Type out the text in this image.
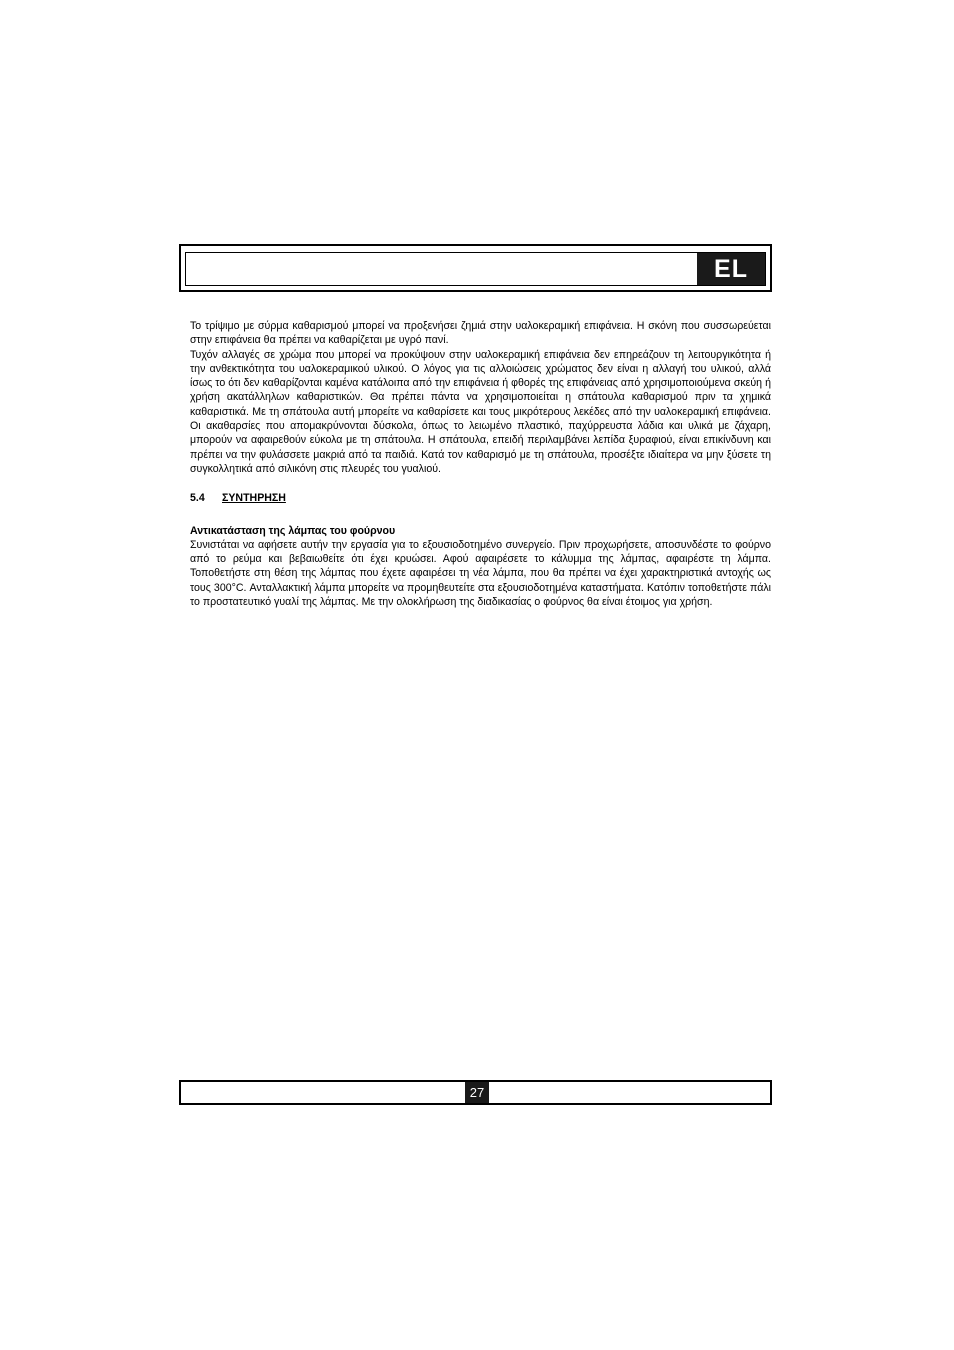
EL

Το τρίψιμο με σύρμα καθαρισμού μπορεί να προξενήσει ζημιά στην υαλοκεραμική επιφάνεια. Η σκόνη που συσσωρεύεται στην επιφάνεια θα πρέπει να καθαρίζεται με υγρό πανί.

Τυχόν αλλαγές σε χρώμα που μπορεί να προκύψουν στην υαλοκεραμική επιφάνεια δεν επηρεάζουν τη λειτουργικότητα ή την ανθεκτικότητα του υαλοκεραμικού υλικού. Ο λόγος για τις αλλοιώσεις χρώματος δεν είναι η αλλαγή του υλικού, αλλά ίσως το ότι δεν καθαρίζονται καμένα κατάλοιπα από την επιφάνεια ή φθορές της επιφάνειας από χρησιμοποιούμενα σκεύη ή χρήση ακατάλληλων καθαριστικών. Θα πρέπει πάντα να χρησιμοποιείται η σπάτουλα καθαρισμού πριν τα χημικά καθαριστικά. Με τη σπάτουλα αυτή μπορείτε να καθαρίσετε και τους μικρότερους λεκέδες από την υαλοκεραμική επιφάνεια. Οι ακαθαρσίες που απομακρύνονται δύσκολα, όπως το λειωμένο πλαστικό, παχύρρευστα λάδια και υλικά με ζάχαρη, μπορούν να αφαιρεθούν εύκολα με τη σπάτουλα. Η σπάτουλα, επειδή περιλαμβάνει λεπίδα ξυραφιού, είναι επικίνδυνη και πρέπει να την φυλάσσετε μακριά από τα παιδιά. Κατά τον καθαρισμό με τη σπάτουλα, προσέξτε ιδιαίτερα να μην ξύσετε τη συγκολλητικά από σιλικόνη στις πλευρές του γυαλιού.

5.4 ΣΥΝΤΗΡΗΣΗ

Αντικατάσταση της λάμπας του φούρνου

Συνιστάται να αφήσετε αυτήν την εργασία για το εξουσιοδοτημένο συνεργείο. Πριν προχωρήσετε, αποσυνδέστε το φούρνο από το ρεύμα και βεβαιωθείτε ότι έχει κρυώσει. Αφού αφαιρέσετε το κάλυμμα της λάμπας, αφαιρέστε τη λάμπα. Τοποθετήστε στη θέση της λάμπας που έχετε αφαιρέσει τη νέα λάμπα, που θα πρέπει να έχει χαρακτηριστικά αντοχής ως τους 300°C. Ανταλλακτική λάμπα μπορείτε να προμηθευτείτε στα εξουσιοδοτημένα καταστήματα. Κατόπιν τοποθετήστε πάλι το προστατευτικό γυαλί της λάμπας. Με την ολοκλήρωση της διαδικασίας ο φούρνος θα είναι έτοιμος για χρήση.

27
